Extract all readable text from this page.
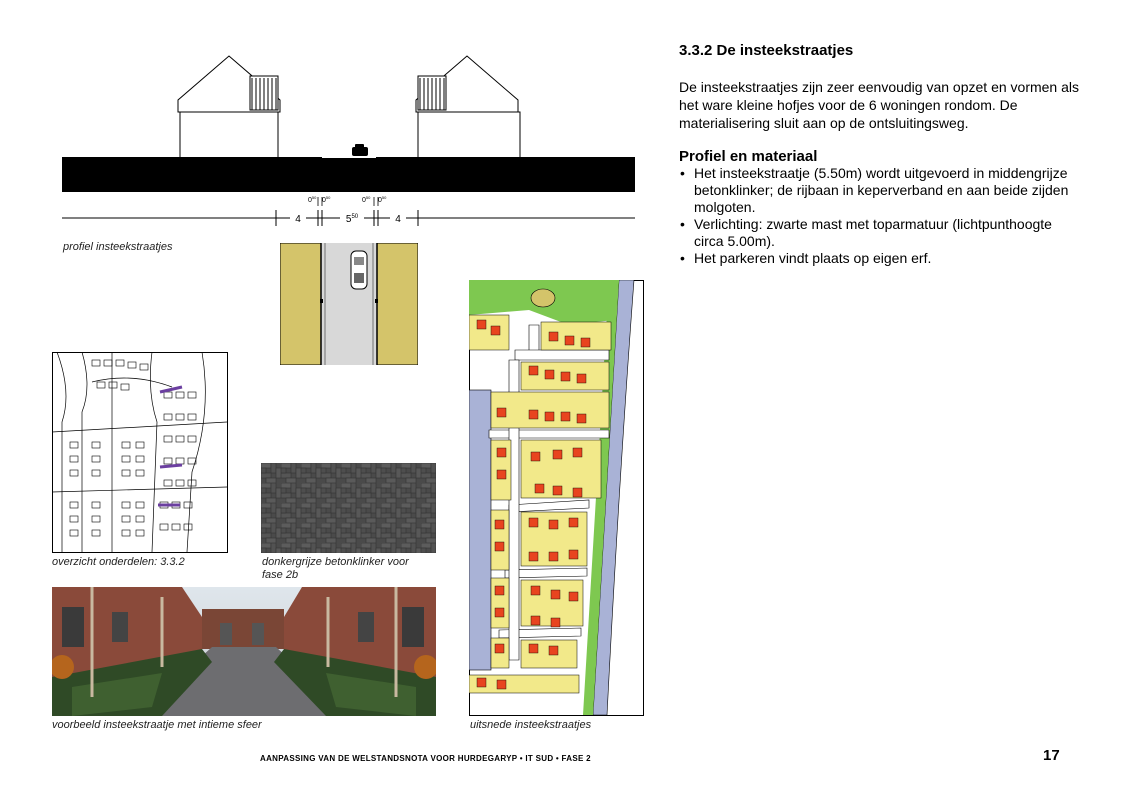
4	$5^{50}$	4
$0^{50}$ $0^{50}$	$0^{50}$ $0^{50}$
profiel insteekstraatjes
overzicht onderdelen: 3.3.2	donkergrijze betonklinker voor fase 2b
voorbeeld insteekstraatje met intieme sfeer	uitsnede insteekstraatjes
3.3.2 De insteekstraatjes
De insteekstraatjes zijn zeer eenvoudig van opzet en vormen als het ware kleine hofjes voor de 6 woningen rondom. De materialisering sluit aan op de ontsluitingsweg.
Profiel en materiaal
• Het insteekstraatje (5.50m) wordt uitgevoerd in middengrijze betonklinker; de rijbaan in keperverband en aan beide zijden molgoten.
• Verlichting: zwarte mast met toparmatuur (lichtpunthoogte circa 5.00m).
• Het parkeren vindt plaats op eigen erf.
AANPASSING VAN DE WELSTANDSNOTA VOOR HURDEGARYP • IT SUD • FASE 2	17
